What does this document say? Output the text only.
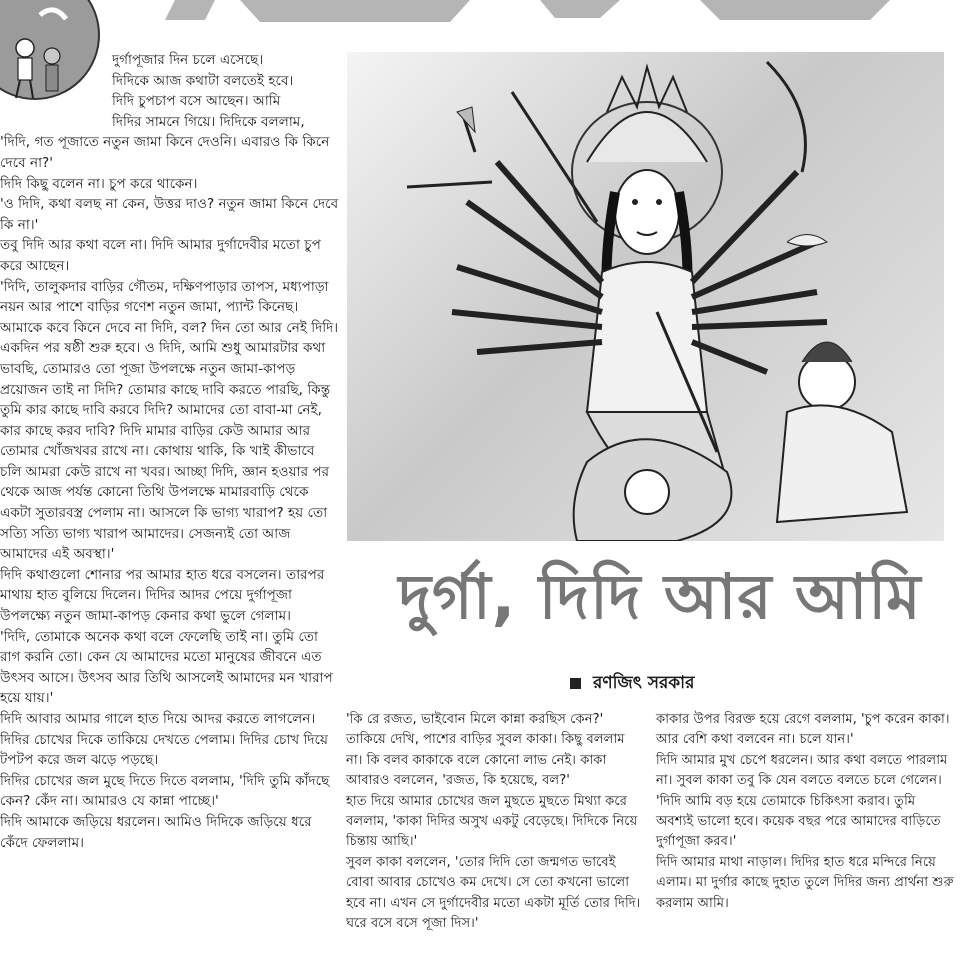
দুর্গাপূজার দিন চলে এসেছে।
দিদিকে আজ কথাটা বলতেই হবে।
দিদি চুপচাপ বসে আছেন। আমি
দিদির সামনে গিয়ে। দিদিকে বললাম,

'দিদি, গত পূজাতে নতুন জামা কিনে দেওনি। এবারও কি কিনে দেবে না?'

দিদি কিছু বলেন না। চুপ করে থাকেন।

'ও দিদি, কথা বলছ না কেন, উত্তর দাও? নতুন জামা কিনে দেবে কি না।'

তবু দিদি আর কথা বলে না। দিদি আমার দুর্গাদেবীর মতো চুপ করে আছেন।

'দিদি, তালুকদার বাড়ির গৌতম, দক্ষিণপাড়ার তাপস, মধ্যপাড়া নয়ন আর পাশে বাড়ির গণেশ নতুন জামা, প্যান্ট কিনেছ। আমাকে কবে কিনে দেবে না দিদি, বল? দিন তো আর নেই দিদি। একদিন পর ষষ্ঠী শুরু হবে। ও দিদি, আমি শুধু আমারটার কথা ভাবছি, তোমারও তো পূজা উপলক্ষে নতুন জামা-কাপড় প্রয়োজন তাই না দিদি? তোমার কাছে দাবি করতে পারছি, কিন্তু তুমি কার কাছে দাবি করবে দিদি? আমাদের তো বাবা-মা নেই, কার কাছে করব দাবি? দিদি মামার বাড়ির কেউ আমার আর তোমার খোঁজখবর রাখে না। কোথায় থাকি, কি খাই কীভাবে চলি আমরা কেউ রাখে না খবর। আচ্ছা দিদি, জ্ঞান হওয়ার পর থেকে আজ পর্যন্ত কোনো তিথি উপলক্ষে মামারবাড়ি থেকে একটা সুতারবস্ত্র পেলাম না। আসলে কি ভাগ্য খারাপ? হয় তো সত্যি সত্যি ভাগ্য খারাপ আমাদের। সেজন্যই তো আজ আমাদের এই অবস্থা।'

দিদি কথাগুলো শোনার পর আমার হাত ধরে বসলেন। তারপর মাথায় হাত বুলিয়ে দিলেন। দিদির আদর পেয়ে দুর্গাপূজা উপলক্ষ্যে নতুন জামা-কাপড় কেনার কথা ভুলে গেলাম।

'দিদি, তোমাকে অনেক কথা বলে ফেলেছি তাই না। তুমি তো রাগ করনি তো। কেন যে আমাদের মতো মানুষের জীবনে এত উৎসব আসে। উৎসব আর তিথি আসলেই আমাদের মন খারাপ হয়ে যায়।'

দিদি আবার আমার গালে হাত দিয়ে আদর করতে লাগলেন। দিদির চোখের দিকে তাকিয়ে দেখতে পেলাম। দিদির চোখ দিয়ে টপটপ করে জল ঝড়ে পড়ছে।

দিদির চোখের জল মুছে দিতে দিতে বললাম, 'দিদি তুমি কাঁদছে কেন? কেঁদ না। আমারও যে কান্না পাচ্ছে।'

দিদি আমাকে জড়িয়ে ধরলেন। আমিও দিদিকে জড়িয়ে ধরে কেঁদে ফেললাম।

দুর্গা, দিদি আর আমি
রণজিৎ সরকার

'কি রে রজত, ভাইবোন মিলে কান্না করছিস কেন?' তাকিয়ে দেখি, পাশের বাড়ির সুবল কাকা। কিছু বললাম না। কি বলব কাকাকে বলে কোনো লাভ নেই। কাকা আবারও বললেন, 'রজত, কি হয়েছে, বল?'

হাত দিয়ে আমার চোখের জল মুছতে মুছতে মিথ্যা করে বললাম, 'কাকা দিদির অসুখ একটু বেড়েছে। দিদিকে নিয়ে চিন্তায় আছি।'

সুবল কাকা বললেন, 'তোর দিদি তো জন্মগত ভাবেই বোবা আবার চোখেও কম দেখে। সে তো কখনো ভালো হবে না। এখন সে দুর্গাদেবীর মতো একটা মূর্তি তোর দিদি। ঘরে বসে বসে পূজা দিস।'

কাকার উপর বিরক্ত হয়ে রেগে বললাম, 'চুপ করেন কাকা। আর বেশি কথা বলবেন না। চলে যান।'

দিদি আমার মুখ চেপে ধরলেন। আর কথা বলতে পারলাম না। সুবল কাকা তবু কি যেন বলতে বলতে চলে গেলেন।

'দিদি আমি বড় হয়ে তোমাকে চিকিৎসা করাব। তুমি অবশ্যই ভালো হবে। কয়েক বছর পরে আমাদের বাড়িতে দুর্গাপূজা করব।'

দিদি আমার মাথা নাড়াল। দিদির হাত ধরে মন্দিরে নিয়ে এলাম। মা দুর্গার কাছে দুহাত তুলে দিদির জন্য প্রার্থনা শুরু করলাম আমি।
